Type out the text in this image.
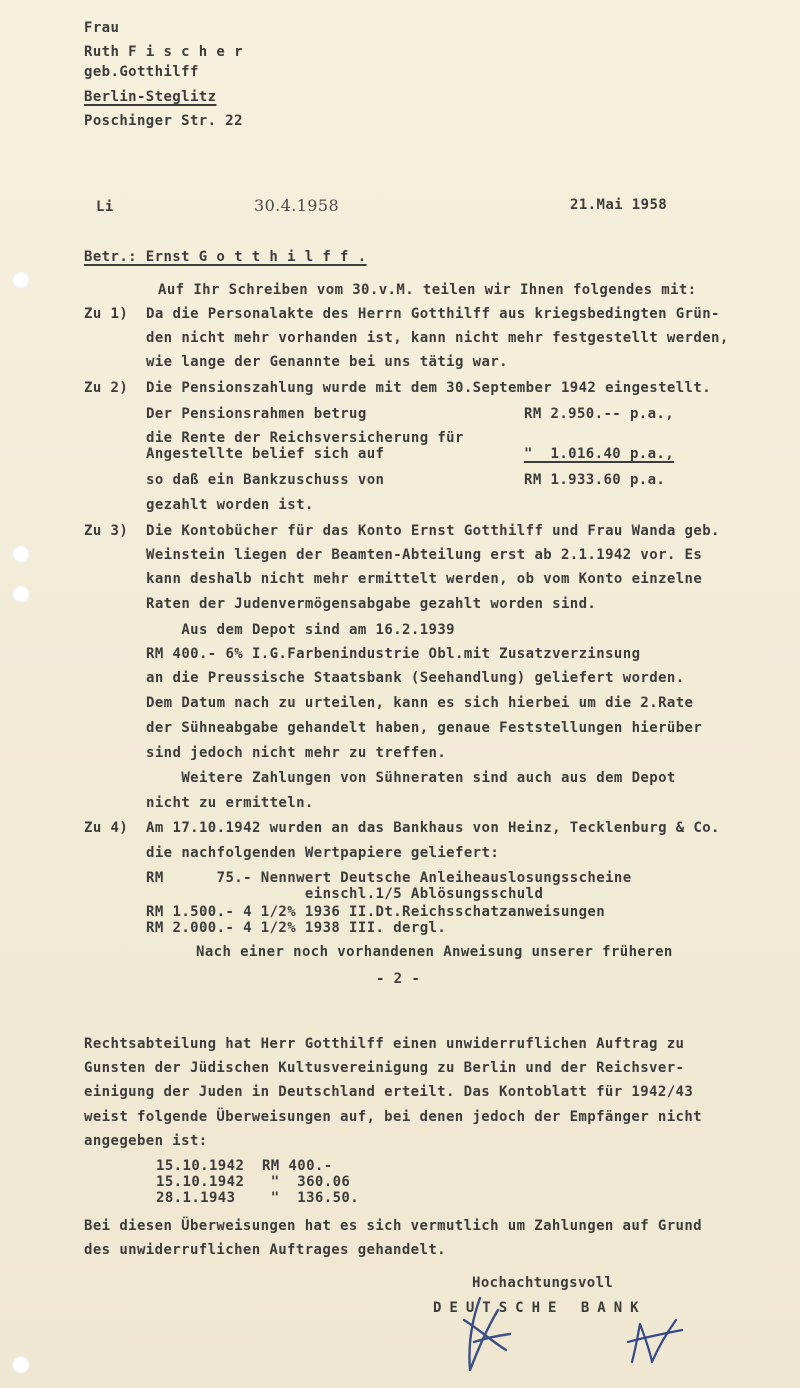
Frau
Ruth F i s c h e r
geb.Gotthilff
Berlin-Steglitz
Poschinger Str. 22
Li	30.4.1958	21.Mai 1958
Betr.: Ernst G o t t h i l f f .
Auf Ihr Schreiben vom 30.v.M. teilen wir Ihnen folgendes mit:
Zu 1) Da die Personalakte des Herrn Gotthilff aus kriegsbedingten Grün-
den nicht mehr vorhanden ist, kann nicht mehr festgestellt werden,
wie lange der Genannte bei uns tätig war.
Zu 2) Die Pensionszahlung wurde mit dem 30.September 1942 eingestellt.
Der Pensionsrahmen betrug	RM 2.950.-- p.a.,
die Rente der Reichsversicherung für
Angestellte belief sich auf	"  1.016.40 p.a.,
so daß ein Bankzuschuss von	RM 1.933.60 p.a.
gezahlt worden ist.
Zu 3) Die Kontobücher für das Konto Ernst Gotthilff und Frau Wanda geb.
Weinstein liegen der Beamten-Abteilung erst ab 2.1.1942 vor. Es
kann deshalb nicht mehr ermittelt werden, ob vom Konto einzelne
Raten der Judenvermögensabgabe gezahlt worden sind.
Aus dem Depot sind am 16.2.1939
RM 400.- 6% I.G.Farbenindustrie Obl.mit Zusatzverzinsung
an die Preussische Staatsbank (Seehandlung) geliefert worden.
Dem Datum nach zu urteilen, kann es sich hierbei um die 2.Rate
der Sühneabgabe gehandelt haben, genaue Feststellungen hierüber
sind jedoch nicht mehr zu treffen.
Weitere Zahlungen von Sühneraten sind auch aus dem Depot
nicht zu ermitteln.
Zu 4) Am 17.10.1942 wurden an das Bankhaus von Heinz, Tecklenburg & Co.
die nachfolgenden Wertpapiere geliefert:
RM      75.- Nennwert Deutsche Anleiheauslosungsscheine
einschl.1/5 Ablösungsschuld
RM 1.500.- 4 1/2% 1936 II.Dt.Reichsschatzanweisungen
RM 2.000.- 4 1/2% 1938 III. dergl.
Nach einer noch vorhandenen Anweisung unserer früheren
- 2 -
Rechtsabteilung hat Herr Gotthilff einen unwiderruflichen Auftrag zu
Gunsten der Jüdischen Kultusvereinigung zu Berlin und der Reichsver-
einigung der Juden in Deutschland erteilt. Das Kontoblatt für 1942/43
weist folgende Überweisungen auf, bei denen jedoch der Empfänger nicht
angegeben ist:
15.10.1942  RM 400.-
15.10.1942   "  360.06
28.1.1943    "  136.50.
Bei diesen Überweisungen hat es sich vermutlich um Zahlungen auf Grund
des unwiderruflichen Auftrages gehandelt.
Hochachtungsvoll
DEUTSCHE BANK
